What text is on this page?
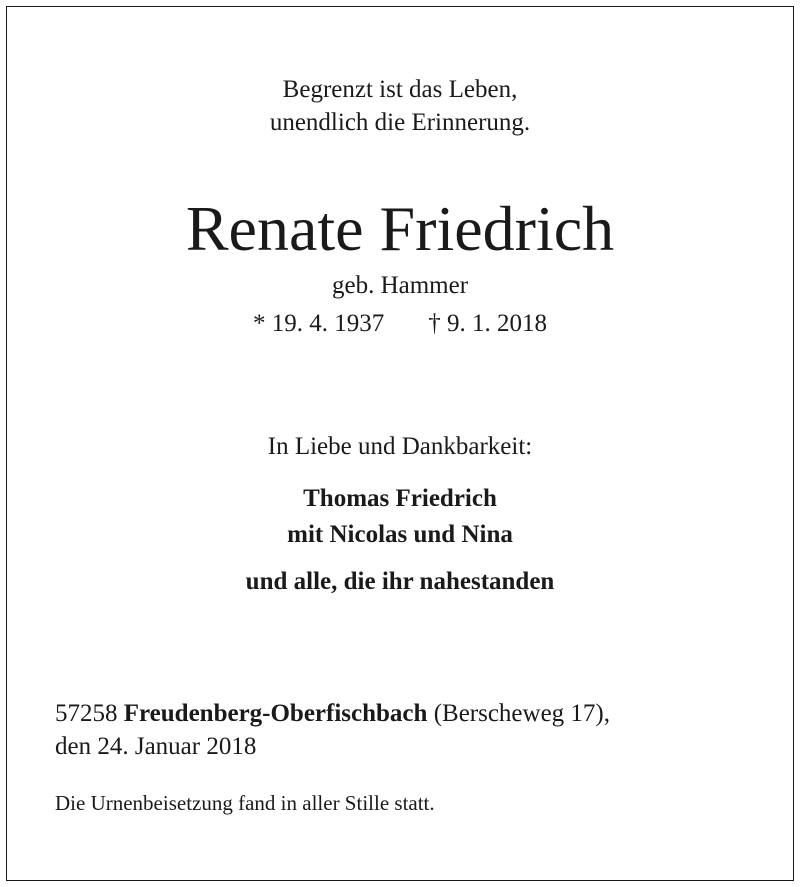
Begrenzt ist das Leben,
unendlich die Erinnerung.
Renate Friedrich
geb. Hammer
* 19. 4. 1937 † 9. 1. 2018
In Liebe und Dankbarkeit:
Thomas Friedrich
mit Nicolas und Nina
und alle, die ihr nahestanden
57258 Freudenberg-Oberfischbach (Berscheweg 17),
den 24. Januar 2018
Die Urnenbeisetzung fand in aller Stille statt.
